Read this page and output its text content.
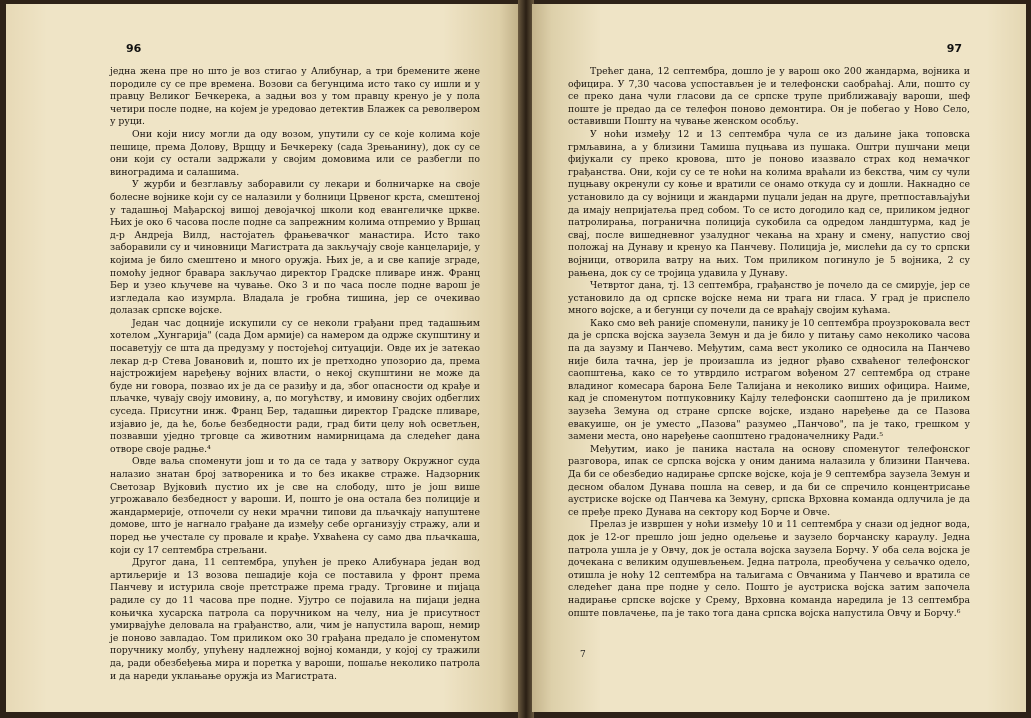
96

једна жена пре но што је воз стигао у Алибунар, а три бремените жене породиле су се пре времена. Возови са бегунцима исто тако су ишли и у правцу Великог Бечкерека, а задњи воз у том правцу кренуо је у пола четири после подне, на којем је уредовао детектив Блажек са револвером у руци.

Они који нису могли да оду возом, упутили су се које колима које пешице, према Долову, Врщцу и Бечкереку (сада Зрењанину), док су се они који су остали задржали у својим домовима или се разбегли по виноградима и салашима.

У журби и безглављу заборавили су лекари и болничарке на своје болесне војнике који су се налазили у болници Црвеног крста, смештеној у тадашњој Мађарској вишој девојачкој школи код евангеличке цркве. Њих је око 6 часова после подне са запрежним колима отпремио у Вршац д-р Андреја Вилд, настојатељ фрањевачког манастира. Исто тако заборавили су и чиновници Магистрата да закључају своје канцеларије, у којима је било смештено и много оружја. Њих је, а и све капије зграде, помоћу једног бравара закључао директор Градске пливаре инж. Франц Бер и узео кључеве на чување. Око 3 и по часа после подне варош је изгледала као изумрла. Владала је гробна тишина, јер се очекивао долазак српске војске.

Један час доцније искупили су се неколи грађани пред тадашњим хотелом „Хунгарија" (сада Дом армије) са намером да одрже скупштину и посаветују се шта да предузму у постојећој ситуацији. Овде их је затекао лекар д-р Стева Јовановић и, пошто их је претходно упозорио да, према најстрожијем наређењу војних власти, о некој скупштини не може да буде ни говора, позвао их је да се разиђу и да, због опасности од крађе и пљачке, чувају своју имовину, а, по могућству, и имовину својих одбеглих суседа. Присутни инж. Франц Бер, тадашњи директор Градске пливаре, изјавио је, да ће, боље безбедности ради, град бити целу ноћ осветљен, позвавши уједно трговце са животним намирницама да следећег дана отворе своје радње.⁴

Овде ваља споменути још и то да се тада у затвору Окружног суда налазио знатан број затвореника и то без икакве страже. Надзорник Светозар Вујковић пустио их је све на слободу, што је још више угрожавало безбедност у вароши. И, пошто је она остала без полиције и жандармерије, отпочели су неки мрачни типови да пљачкају напуштене домове, што је нагнало грађане да између себе организују стражу, али и поред ње учестале су провале и крађе. Ухваћена су само два пљачкаша, који су 17 септембра стрељани.

Другог дана, 11 септембра, упућен је преко Алибунара један вод артиљерије и 13 возова пешадије која се поставила у фронт према Панчеву и истурила своје претстраже према граду. Трговине и пијаца радиле су до 11 часова пре подне. Ујутро се појавила на пијаци једна коњичка хусарска патрола са поручником на челу, ниа је присутност умирвајуће деловала на грађанство, али, чим је напустила варош, немир је поново завладао. Том приликом око 30 грађана предало је споменутом поручнику молбу, упућену надлежној војној команди, у којој су тражили да, ради обезбеђења мира и поретка у вароши, пошаље неколико патрола и да нареди уклањање оружја из Магистрата.

97

Трећег дана, 12 септембра, дошло је у варош око 200 жандарма, војника и официра. У 7,30 часова успостављен је и телефонски саобраћај. Али, пошто су се преко дана чули гласови да се српске трупе приближавају вароши, шеф поште је предао да се телефон поново демонтира. Он је побегао у Ново Село, оставивши Пошту на чување женском особљу.

У ноћи између 12 и 13 септембра чула се из даљине јака топовска грмљавина, а у близини Тамиша пуцњава из пушака. Оштри пушчани меци фијукали су преко кровова, што је поново изазвало страх код немачког грађанства. Они, који су се те ноћи на колима враћали из бекства, чим су чули пуцњаву окренули су коње и вратили се онамо откуда су и дошли. Накнадно се установило да су војници и жандарми пуцали један на друге, претпостављајући да имају непријатеља пред собом. То се исто догодило кад се, приликом једног патролирања, погранична полиција сукобила са одредом ландштурма, кад је свај, после вишедневног узалудног чекања на храну и смену, напустио свој положај на Дунаву и кренуо ка Панчеву. Полиција је, мислећи да су то српски војници, отворила ватру на њих. Том приликом погинуло је 5 војника, 2 су рањена, док су се тројица удавила у Дунаву.

Четвртог дана, тј. 13 септембра, грађанство је почело да се смирује, јер се установило да од српске војске нема ни трага ни гласа. У град је приспело много војске, а и бегунци су почели да се враћају својим кућама.

Како смо већ раније споменули, панику је 10 септембра проузроковала вест да је српска војска заузела Земун и да је било у питању само неколико часова па да заузму и Панчево. Међутим, сама вест уколико се односила на Панчево није била тачна, јер је произашла из једног рђаво схваћеног телефонског саопштења, како се то утврдило истрагом вођеном 27 септембра од стране владиног комесара барона Беле Талијана и неколико виших официра. Наиме, кад је споменутом потпуковнику Кајлу телефонски саопштено да је приликом заузећа Земуна од стране српске војске, издано наређење да се Пазова евакуише, он је уместо „Пазова" разумео „Панчово", па је тако, грешком у замени места, оно наређење саопштено градоначелнику Ради.⁵

Међутим, иако је паника настала на основу споменутог телефонског разговора, ипак се српска војска у оним данима налазила у близини Панчева. Да би се обезбедио надирање српске војске, која је 9 септембра заузела Земун и десном обалом Дунава пошла на север, и да би се спречило концентрисање аустриске војске од Панчева ка Земуну, српска Врховна команда одлучила је да се пређе преко Дунава на сектору код Борче и Овче.

Прелаз је извршен у ноћи између 10 и 11 септембра у снази од једног вода, док је 12-ог прешло још једно одељење и заузело борчанску караулу. Једна патрола ушла је у Овчу, док је остала војска заузела Борчу. У оба села војска је дочекана с великим одушевљењем. Једна патрола, преобучена у сељачко одело, отишла је ноћу 12 септембра на таљигама с Овчанима у Панчево и вратила се следећег дана пре подне у село. Пошто је аустриска војска затим започела надирање српске војске у Срему, Врховна команда наредила је 13 септембра опште повлачење, па је тако тога дана српска војска напустила Овчу и Борчу.⁶

7
